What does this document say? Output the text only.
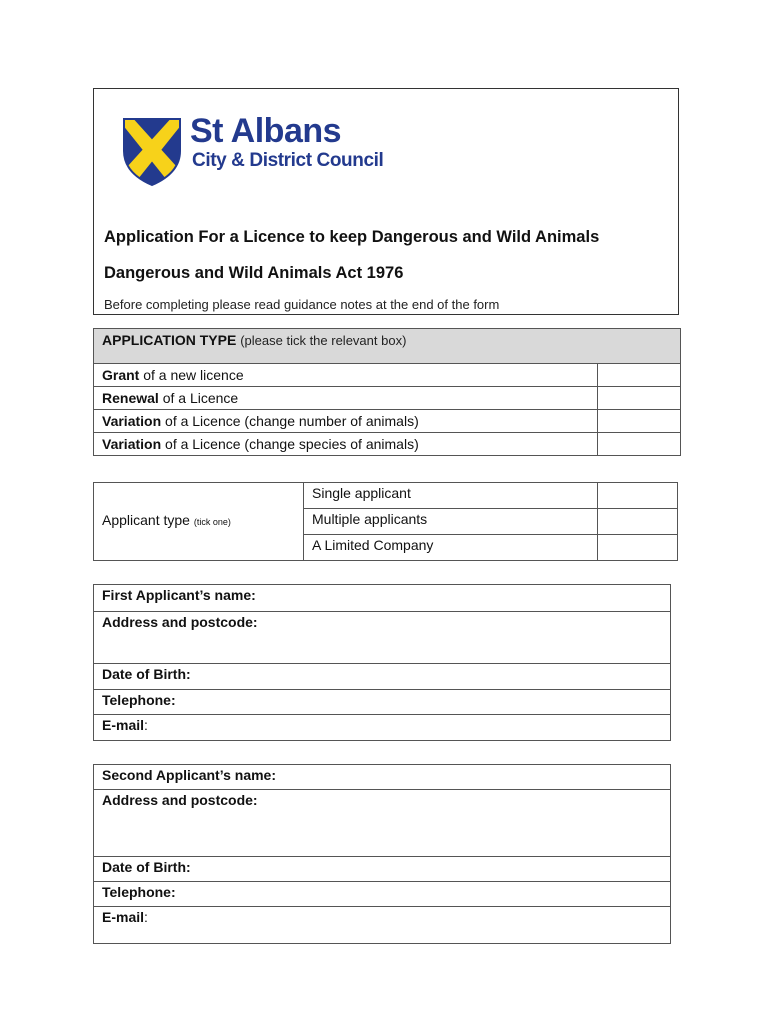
St Albans
City & District Council
Application For a Licence to keep Dangerous and Wild Animals
Dangerous and Wild Animals Act 1976
Before completing please read guidance notes at the end of the form
APPLICATION TYPE (please tick the relevant box)	
Grant of a new licence	
Renewal of a Licence	
Variation of a Licence (change number of animals)	
Variation of a Licence (change species of animals)	
Applicant type (tick one)	Single applicant	
	Multiple applicants	
	A Limited Company	
First Applicant’s name:
Address and postcode:
Date of Birth:
Telephone:
E-mail:
Second Applicant’s name:
Address and postcode:
Date of Birth:
Telephone:
E-mail:
